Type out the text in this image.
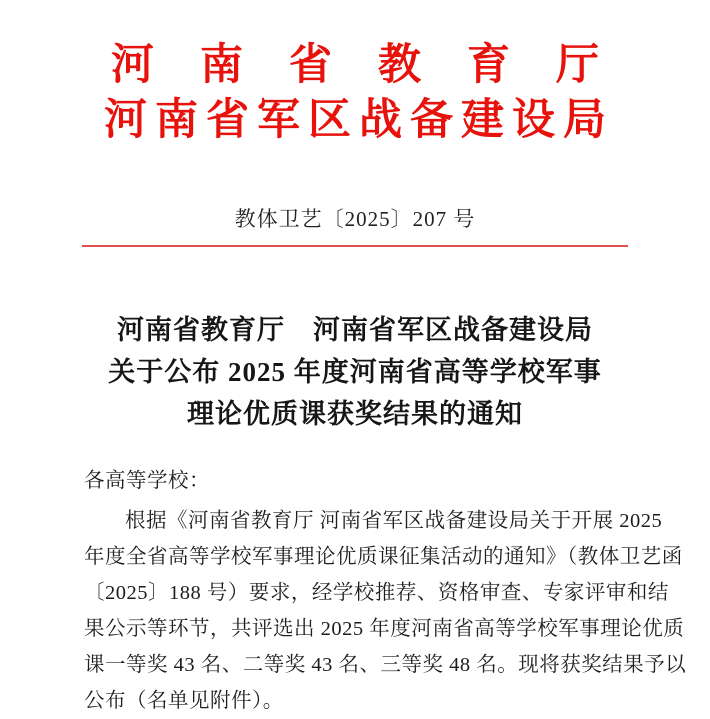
河南省教育厅
河南省军区战备建设局
教体卫艺〔2025〕207 号
河南省教育厅　河南省军区战备建设局
关于公布 2025 年度河南省高等学校军事
理论优质课获奖结果的通知
各高等学校：
根据《河南省教育厅 河南省军区战备建设局关于开展 2025
年度全省高等学校军事理论优质课征集活动的通知》（教体卫艺函
〔2025〕188 号）要求，经学校推荐、资格审查、专家评审和结
果公示等环节，共评选出 2025 年度河南省高等学校军事理论优质
课一等奖 43 名、二等奖 43 名、三等奖 48 名。现将获奖结果予以
公布（名单见附件）。
